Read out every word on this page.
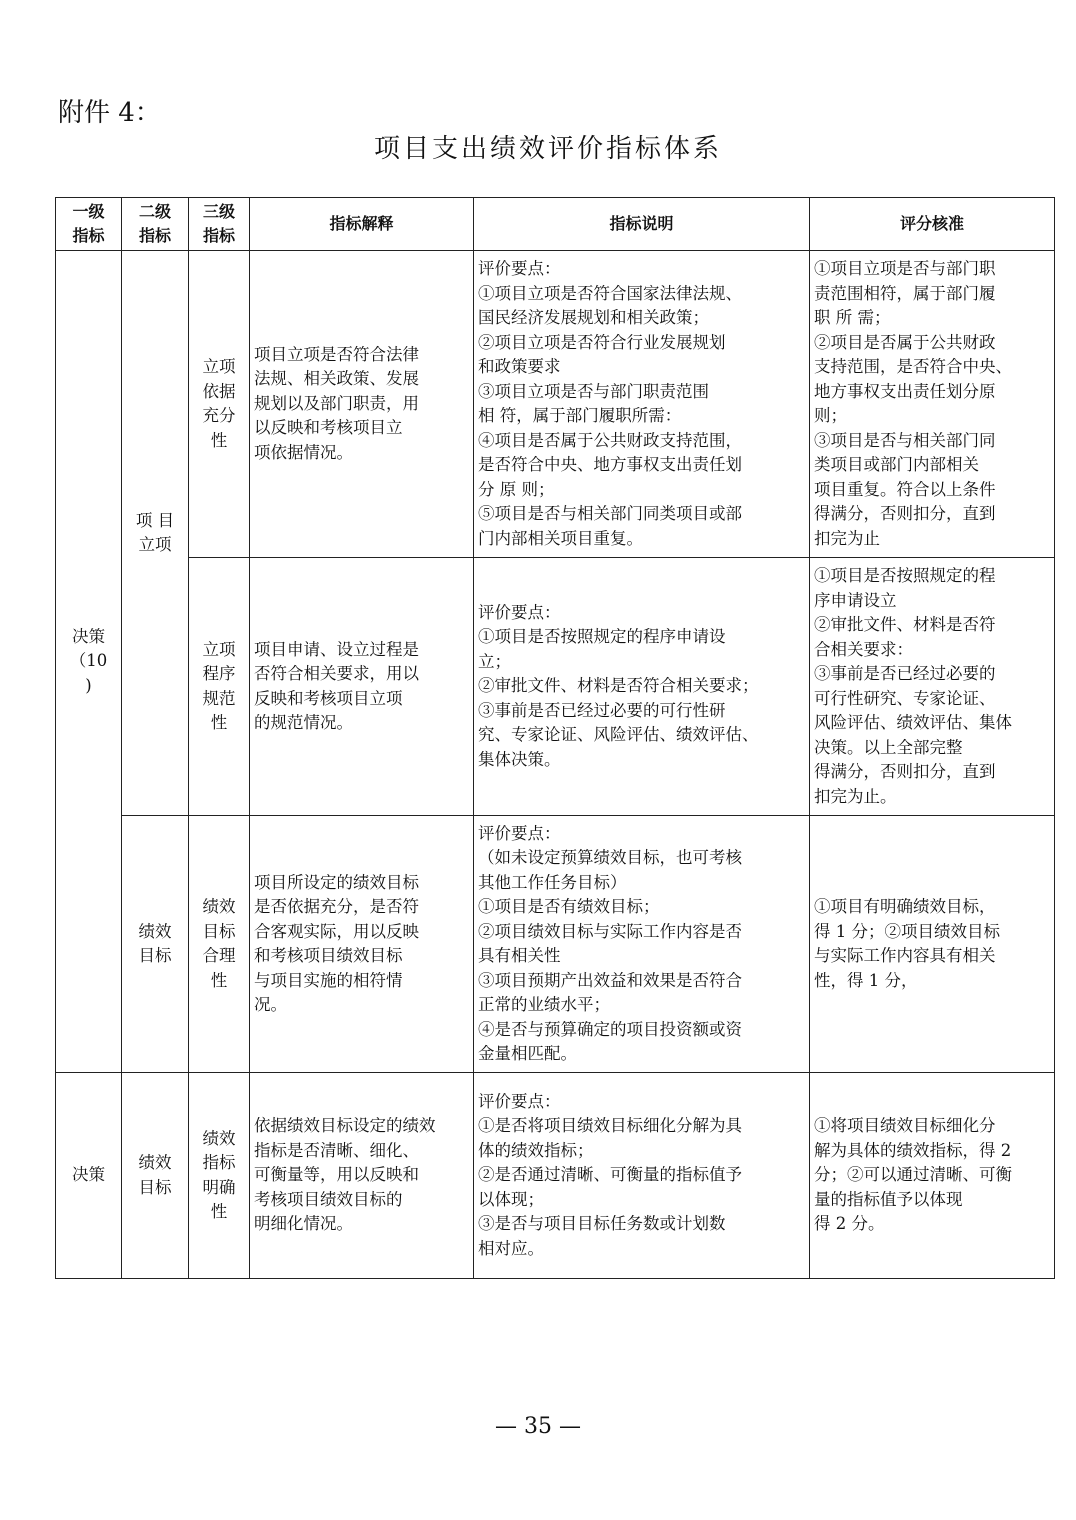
附件 4：
项目支出绩效评价指标体系
一级
指标
二级
指标
三级
指标
指标解释	指标说明	评分核准
决策
（10
)
决策
项 目
立项
绩效
目标
绩效
目标
立项
依据
充分
性
项目立项是否符合法律
法规、相关政策、发展
规划以及部门职责，用
以反映和考核项目立
项依据情况。
评价要点：
①项目立项是否符合国家法律法规、
国民经济发展规划和相关政策；
②项目立项是否符合行业发展规划
和政策要求
③项目立项是否与部门职责范围
相 符，属于部门履职所需：
④项目是否属于公共财政支持范围，
是否符合中央、地方事权支出责任划
分 原 则；
⑤项目是否与相关部门同类项目或部
门内部相关项目重复。
①项目立项是否与部门职
责范围相符，属于部门履
职 所 需；
②项目是否属于公共财政
支持范围，是否符合中央、
地方事权支出责任划分原
则；
③项目是否与相关部门同
类项目或部门内部相关
项目重复。符合以上条件
得满分，否则扣分，直到
扣完为止
立项
程序
规范
性
项目申请、设立过程是
否符合相关要求，用以
反映和考核项目立项
的规范情况。
评价要点：
①项目是否按照规定的程序申请设
立；
②审批文件、材料是否符合相关要求；
③事前是否已经过必要的可行性研
究、专家论证、风险评估、绩效评估、
集体决策。
①项目是否按照规定的程
序申请设立
②审批文件、材料是否符
合相关要求：
③事前是否已经过必要的
可行性研究、专家论证、
风险评估、绩效评估、集体
决策。以上全部完整
得满分，否则扣分，直到
扣完为止。
绩效
目标
合理
性
项目所设定的绩效目标
是否依据充分，是否符
合客观实际，用以反映
和考核项目绩效目标
与项目实施的相符情
况。
评价要点：
（如未设定预算绩效目标，也可考核
其他工作任务目标）
①项目是否有绩效目标；
②项目绩效目标与实际工作内容是否
具有相关性
③项目预期产出效益和效果是否符合
正常的业绩水平；
④是否与预算确定的项目投资额或资
金量相匹配。
①项目有明确绩效目标，
得 1 分；②项目绩效目标
与实际工作内容具有相关
性，得 1 分，
绩效
指标
明确
性
依据绩效目标设定的绩效
指标是否清晰、细化、
可衡量等，用以反映和
考核项目绩效目标的
明细化情况。
评价要点：
①是否将项目绩效目标细化分解为具
体的绩效指标；
②是否通过清晰、可衡量的指标值予
以体现；
③是否与项目目标任务数或计划数
相对应。
①将项目绩效目标细化分
解为具体的绩效指标，得 2
分；②可以通过清晰、可衡
量的指标值予以体现
得 2 分。
— 35 —
